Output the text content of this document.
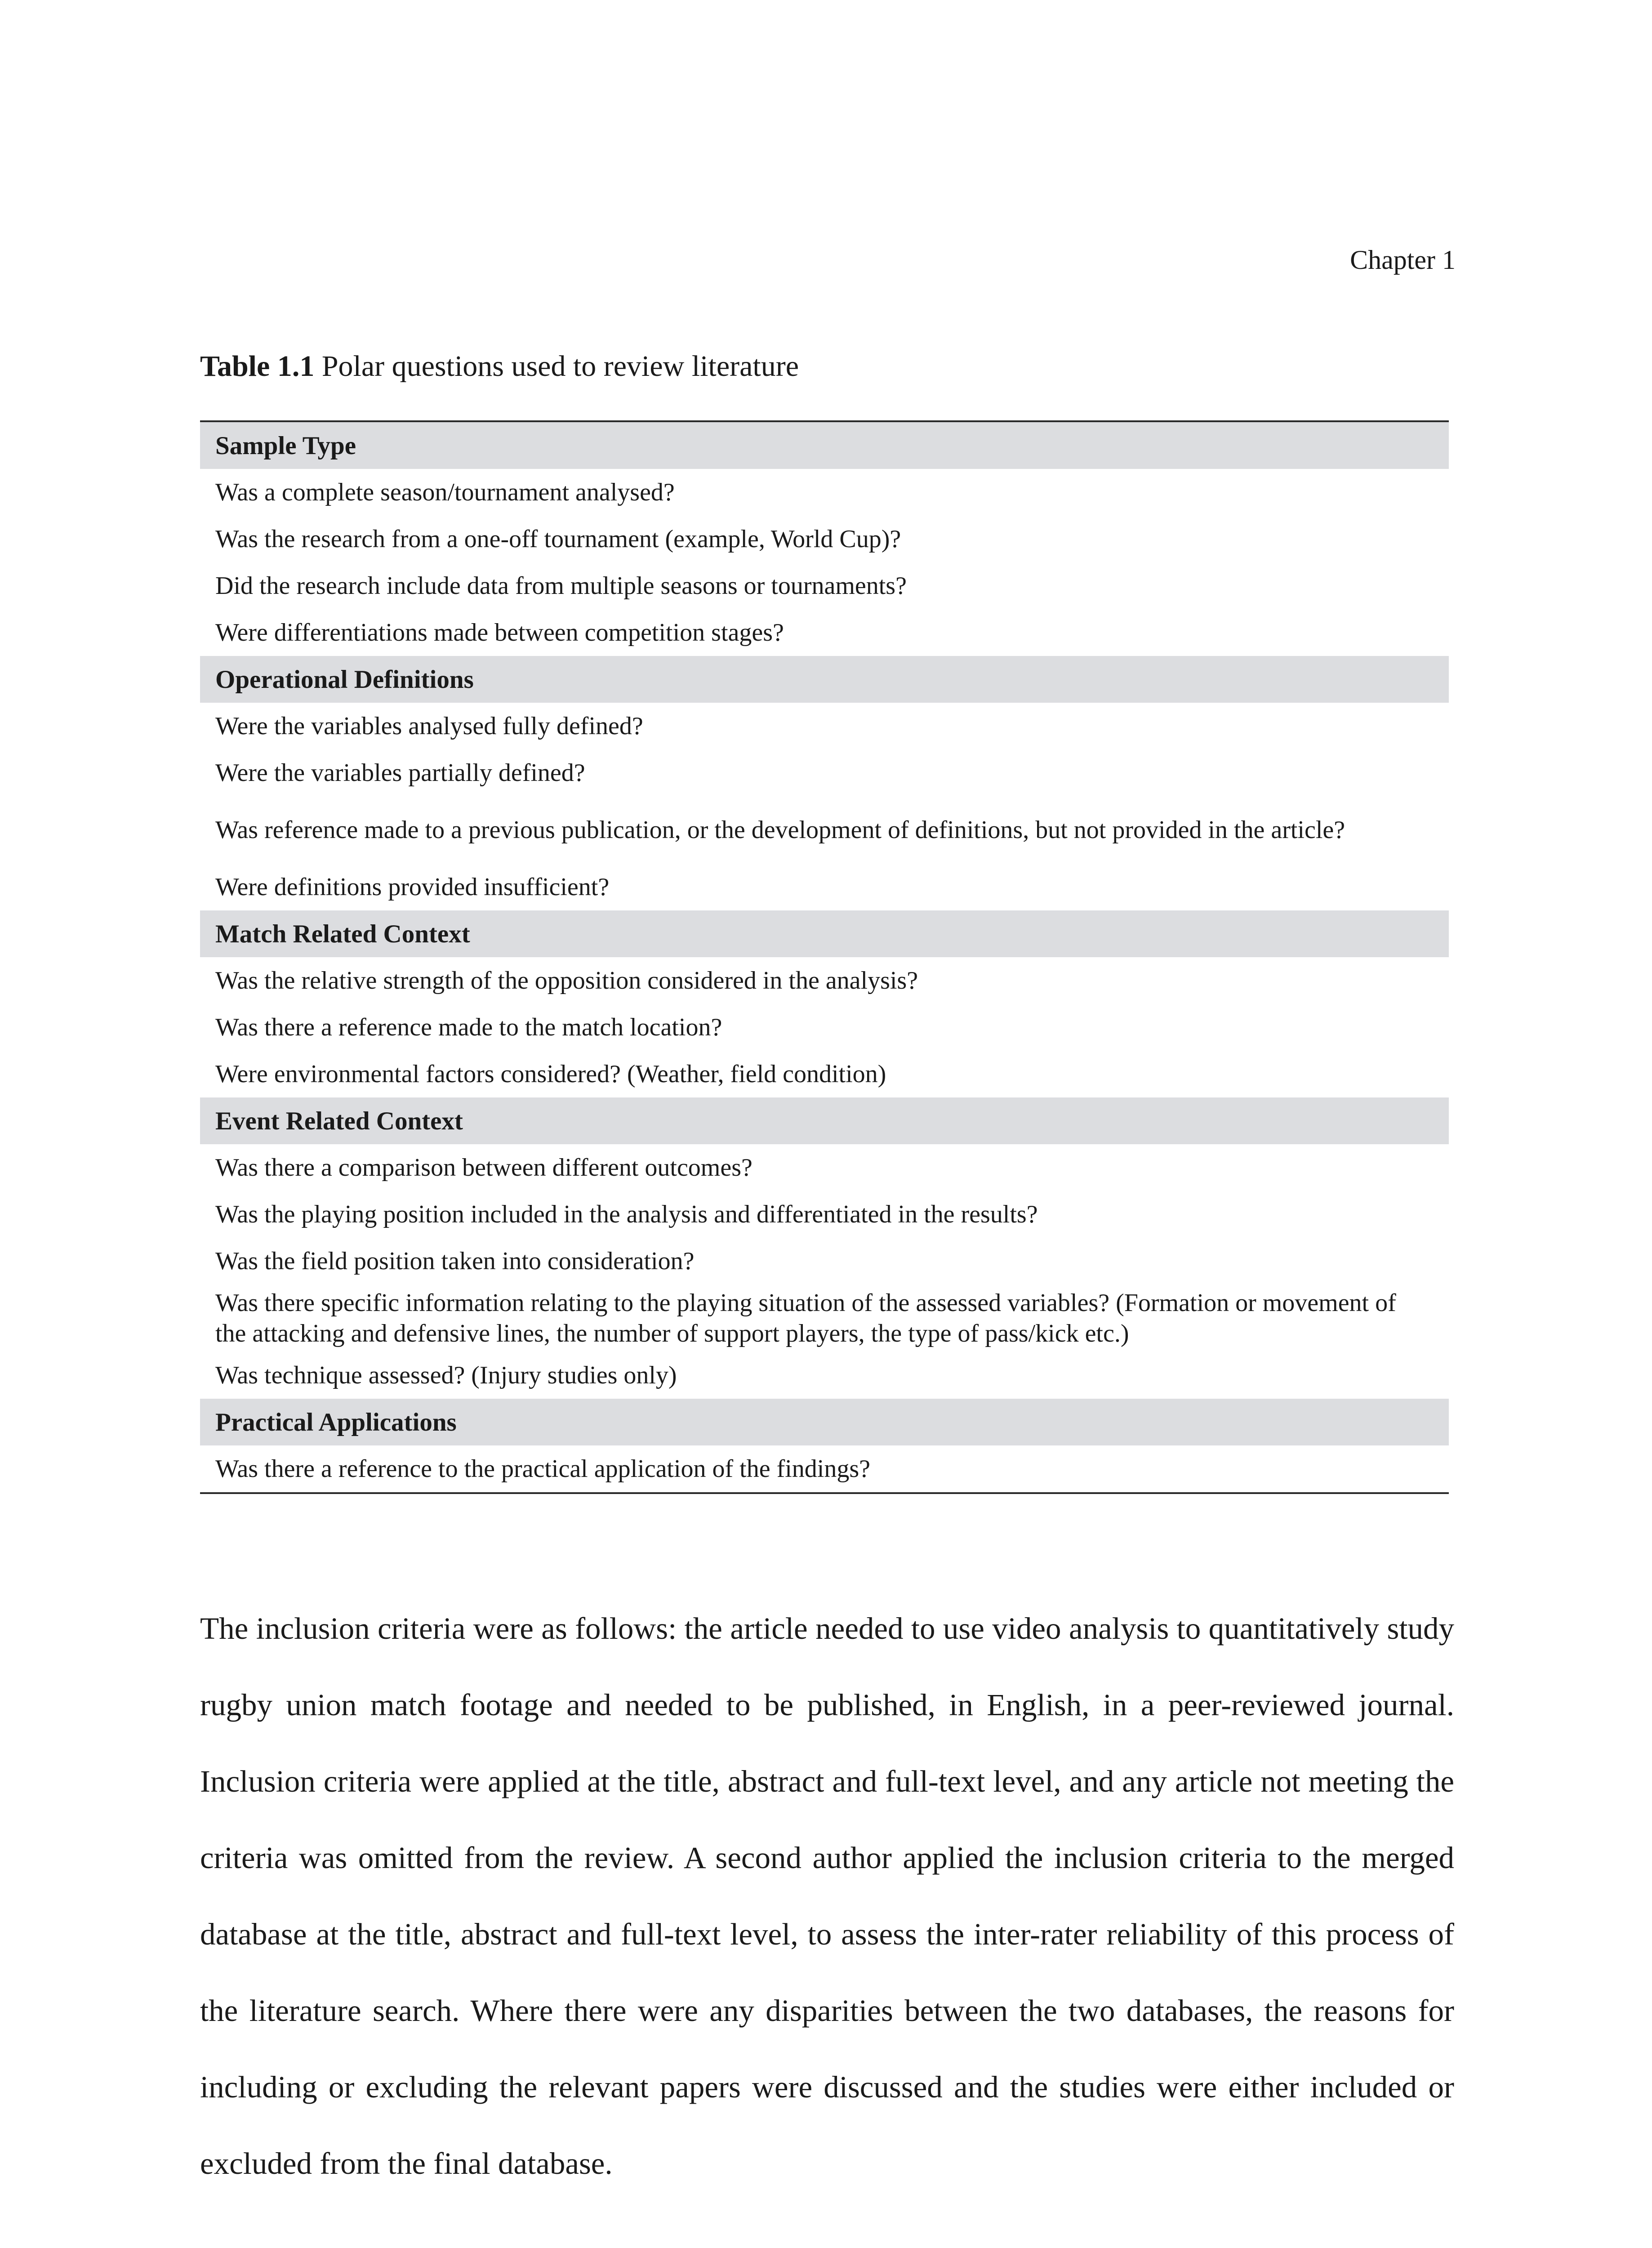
Chapter 1
Table 1.1 Polar questions used to review literature
Sample Type
Was a complete season/tournament analysed?
Was the research from a one-off tournament (example, World Cup)?
Did the research include data from multiple seasons or tournaments?
Were differentiations made between competition stages?
Operational Definitions
Were the variables analysed fully defined?
Were the variables partially defined?
Was reference made to a previous publication, or the development of definitions, but not provided in the article?
Were definitions provided insufficient?
Match Related Context
Was the relative strength of the opposition considered in the analysis?
Was there a reference made to the match location?
Were environmental factors considered? (Weather, field condition)
Event Related Context
Was there a comparison between different outcomes?
Was the playing position included in the analysis and differentiated in the results?
Was the field position taken into consideration?
Was there specific information relating to the playing situation of the assessed variables? (Formation or movement of the attacking and defensive lines, the number of support players, the type of pass/kick etc.)
Was technique assessed? (Injury studies only)
Practical Applications
Was there a reference to the practical application of the findings?

The inclusion criteria were as follows: the article needed to use video analysis to quantitatively study rugby union match footage and needed to be published, in English, in a peer-reviewed journal. Inclusion criteria were applied at the title, abstract and full-text level, and any article not meeting the criteria was omitted from the review. A second author applied the inclusion criteria to the merged database at the title, abstract and full-text level, to assess the inter-rater reliability of this process of the literature search. Where there were any disparities between the two databases, the reasons for including or excluding the relevant papers were discussed and the studies were either included or excluded from the final database.
